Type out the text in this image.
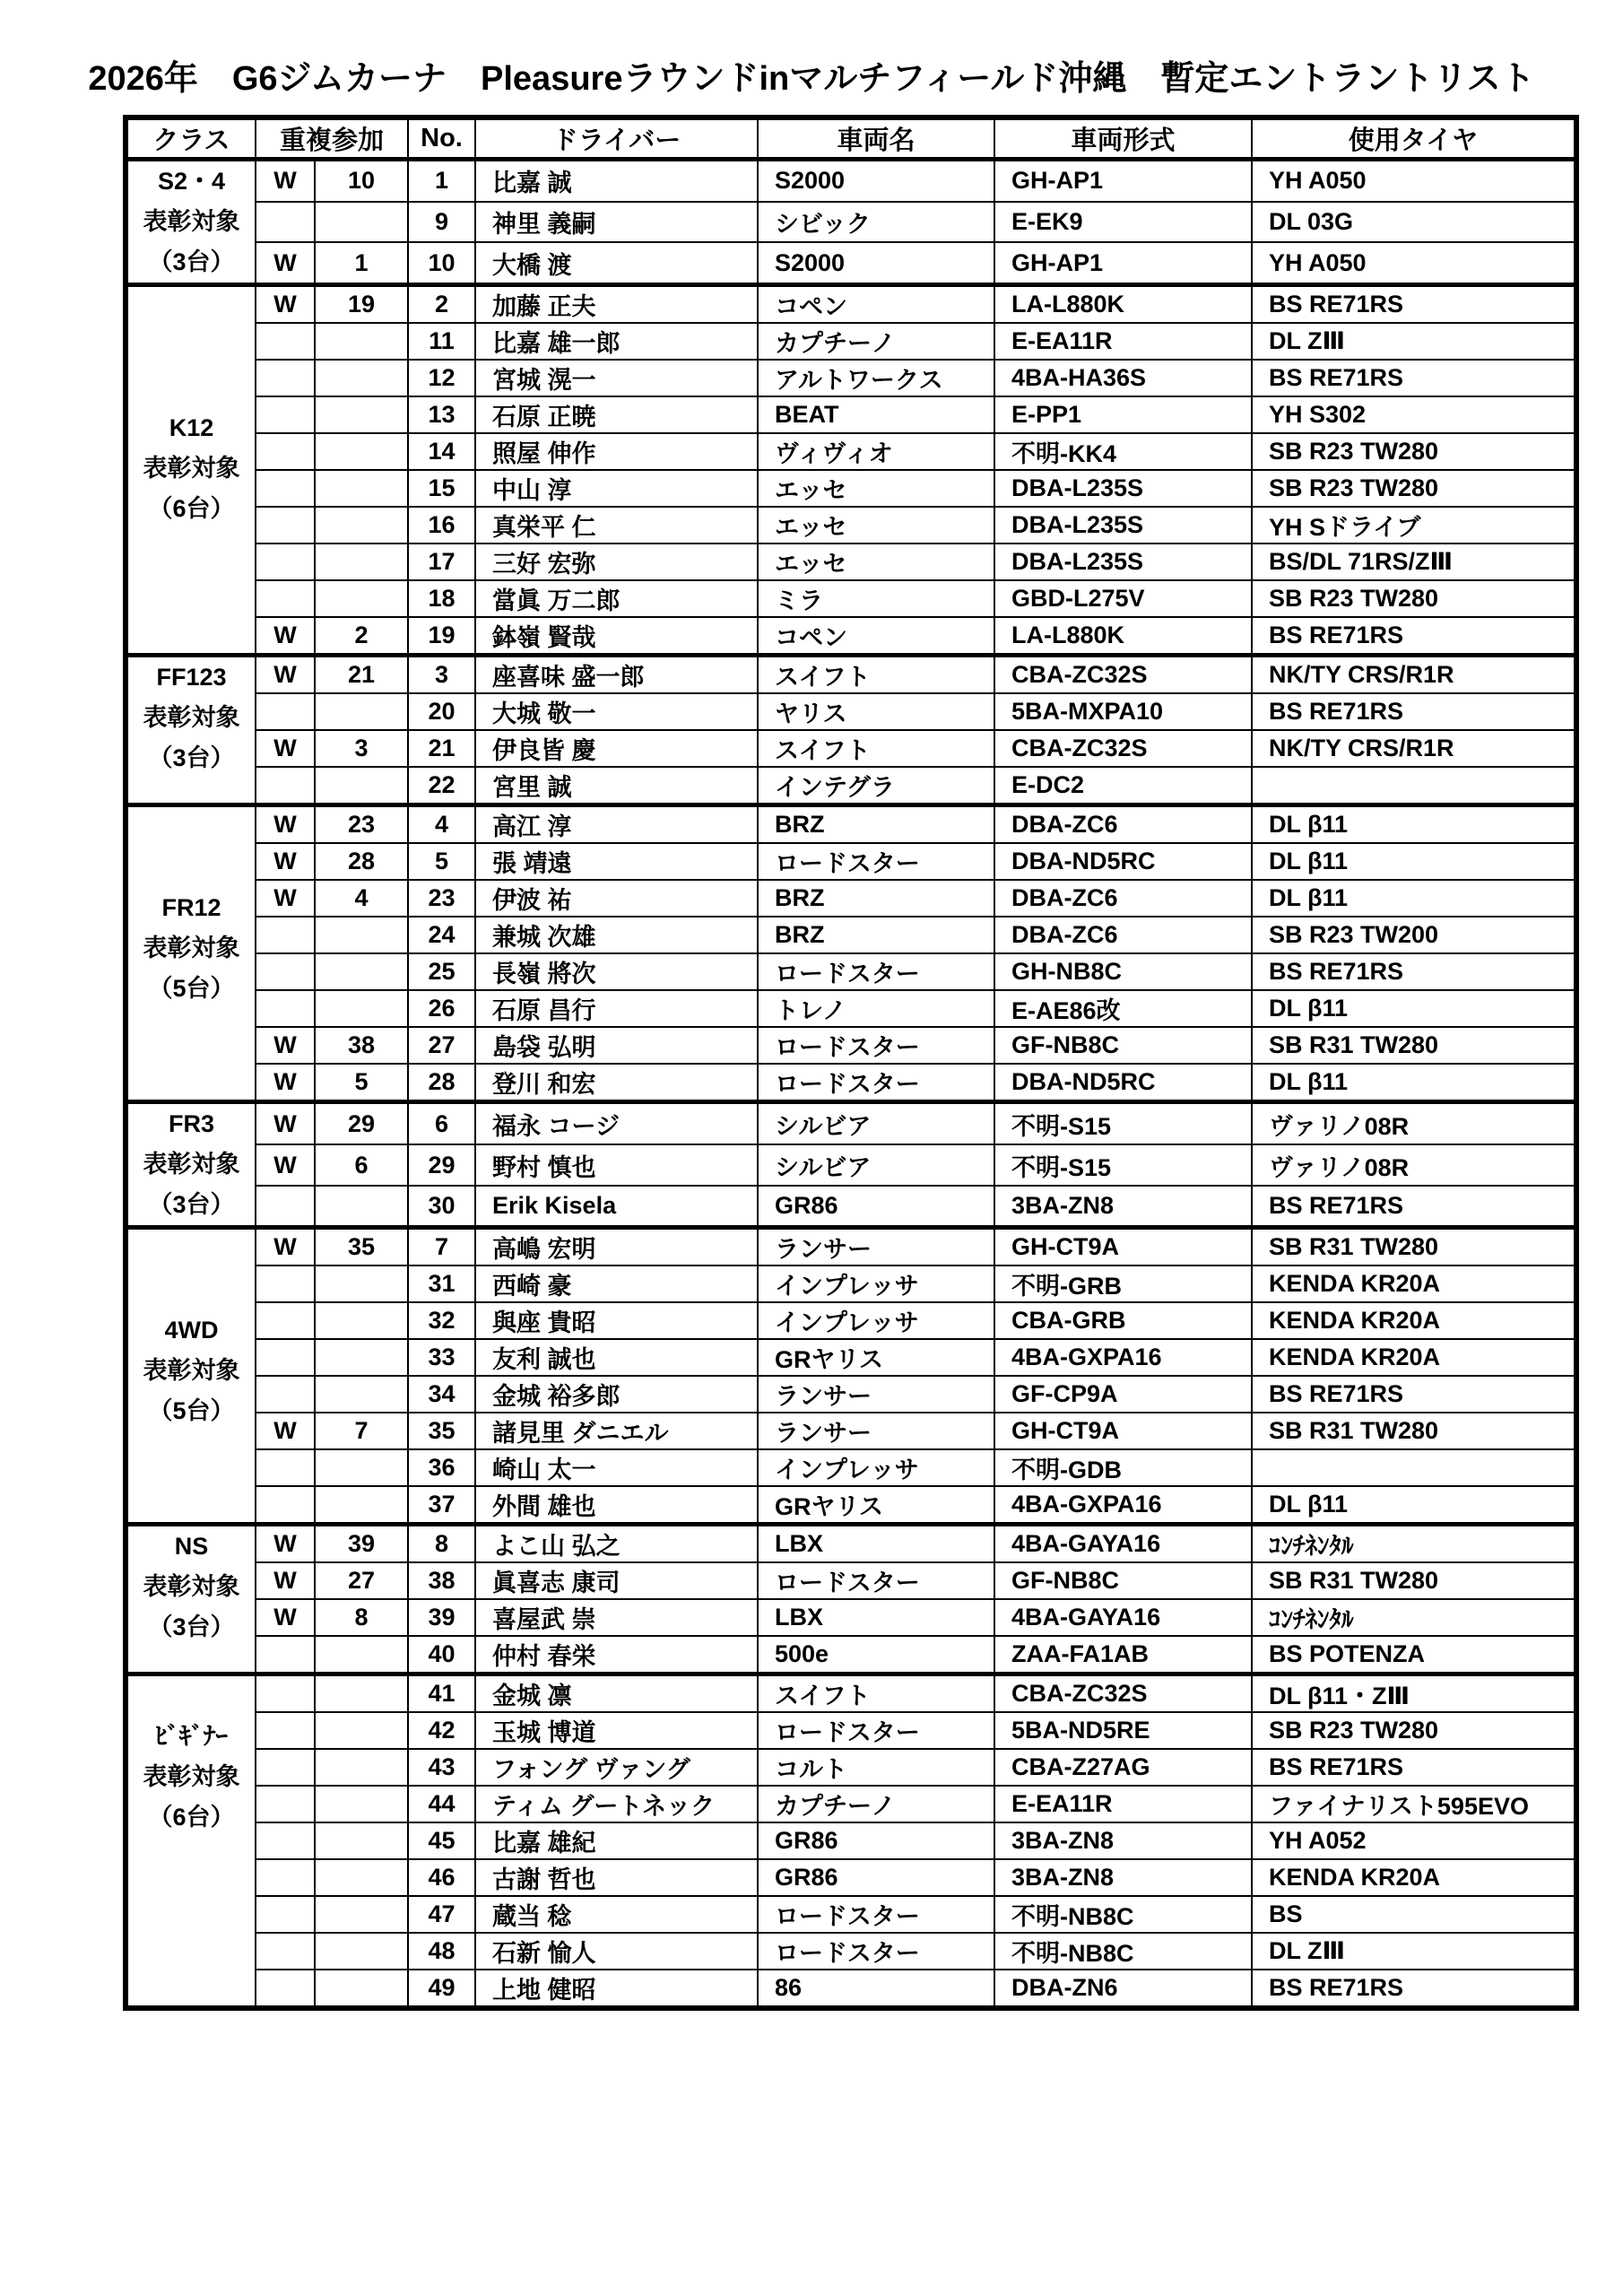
2026年　G6ジムカーナ　Pleasureラウンドinマルチフィールド沖縄　暫定エントラントリスト
クラス	重複参加		No.	ドライバー	車両名	車両形式	使用タイヤ

S2・4
表彰対象
（3台）	W	10	1	比嘉 誠	S2000	GH-AP1	YH A050
			9	神里 義嗣	シビック	E-EK9	DL 03G
	W	1	10	大橋 渡	S2000	GH-AP1	YH A050

K12
表彰対象
（6台）	W	19	2	加藤 正夫	コペン	LA-L880K	BS RE71RS
			11	比嘉 雄一郎	カプチーノ	E-EA11R	DL ZⅢ
			12	宮城 滉一	アルトワークス	4BA-HA36S	BS RE71RS
			13	石原 正暁	BEAT	E-PP1	YH S302
			14	照屋 伸作	ヴィヴィオ	不明-KK4	SB R23 TW280
			15	中山 淳	エッセ	DBA-L235S	SB R23 TW280
			16	真栄平 仁	エッセ	DBA-L235S	YH Sドライブ
			17	三好 宏弥	エッセ	DBA-L235S	BS/DL 71RS/ZⅢ
			18	當眞 万二郎	ミラ	GBD-L275V	SB R23 TW280
	W	2	19	鉢嶺 賢哉	コペン	LA-L880K	BS RE71RS

FF123
表彰対象
（3台）	W	21	3	座喜味 盛一郎	スイフト	CBA-ZC32S	NK/TY CRS/R1R
			20	大城 敬一	ヤリス	5BA-MXPA10	BS RE71RS
	W	3	21	伊良皆 慶	スイフト	CBA-ZC32S	NK/TY CRS/R1R
			22	宮里 誠	インテグラ	E-DC2	

FR12
表彰対象
（5台）	W	23	4	高江 淳	BRZ	DBA-ZC6	DL β11
	W	28	5	張 靖遠	ロードスター	DBA-ND5RC	DL β11
	W	4	23	伊波 祐	BRZ	DBA-ZC6	DL β11
			24	兼城 次雄	BRZ	DBA-ZC6	SB R23 TW200
			25	長嶺 將次	ロードスター	GH-NB8C	BS RE71RS
			26	石原 昌行	トレノ	E-AE86改	DL β11
	W	38	27	島袋 弘明	ロードスター	GF-NB8C	SB R31 TW280
	W	5	28	登川 和宏	ロードスター	DBA-ND5RC	DL β11

FR3
表彰対象
（3台）	W	29	6	福永 コージ	シルビア	不明-S15	ヴァリノ08R
	W	6	29	野村 慎也	シルビア	不明-S15	ヴァリノ08R
			30	Erik Kisela	GR86	3BA-ZN8	BS RE71RS

4WD
表彰対象
（5台）	W	35	7	高嶋 宏明	ランサー	GH-CT9A	SB R31 TW280
			31	西崎 豪	インプレッサ	不明-GRB	KENDA KR20A
			32	與座 貴昭	インプレッサ	CBA-GRB	KENDA KR20A
			33	友利 誠也	GRヤリス	4BA-GXPA16	KENDA KR20A
			34	金城 裕多郎	ランサー	GF-CP9A	BS RE71RS
	W	7	35	諸見里 ダニエル	ランサー	GH-CT9A	SB R31 TW280
			36	崎山 太一	インプレッサ	不明-GDB	
			37	外間 雄也	GRヤリス	4BA-GXPA16	DL β11

NS
表彰対象
（3台）	W	39	8	よこ山 弘之	LBX	4BA-GAYA16	ｺﾝﾁﾈﾝﾀﾙ
	W	27	38	眞喜志 康司	ロードスター	GF-NB8C	SB R31 TW280
	W	8	39	喜屋武 崇	LBX	4BA-GAYA16	ｺﾝﾁﾈﾝﾀﾙ
			40	仲村 春栄	500e	ZAA-FA1AB	BS POTENZA

ﾋﾞｷﾞﾅｰ
表彰対象
（6台）			41	金城 凛	スイフト	CBA-ZC32S	DL β11・ZⅢ
			42	玉城 博道	ロードスター	5BA-ND5RE	SB R23 TW280
			43	フォング ヴァング	コルト	CBA-Z27AG	BS RE71RS
			44	ティム グートネック	カプチーノ	E-EA11R	ファイナリスト595EVO
			45	比嘉 雄紀	GR86	3BA-ZN8	YH A052
			46	古謝 哲也	GR86	3BA-ZN8	KENDA KR20A
			47	蔵当 稔	ロードスター	不明-NB8C	BS
			48	石新 愉人	ロードスター	不明-NB8C	DL ZⅢ
			49	上地 健昭	86	DBA-ZN6	BS RE71RS
